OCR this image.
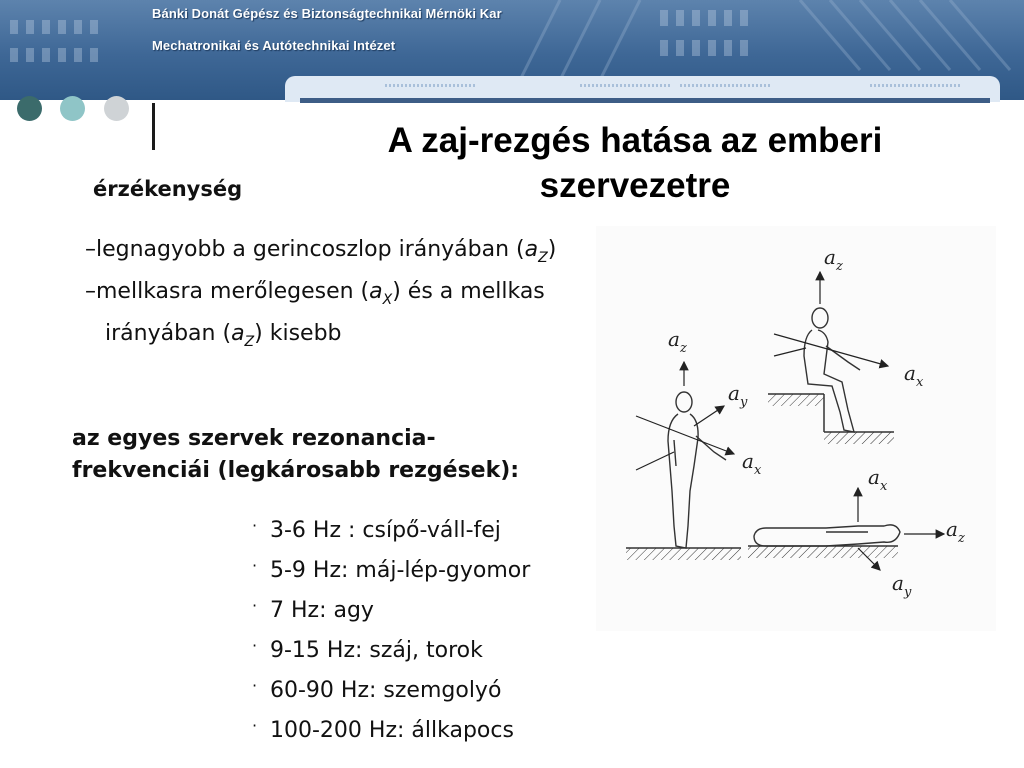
Bánki Donát Gépész és Biztonságtechnikai Mérnöki Kar
Mechatronikai és Autótechnikai Intézet
A zaj-rezgés hatása az emberi
szervezetre
érzékenység
–legnagyobb a gerincoszlop irányában $(a_Z)$
–mellkasra merőlegesen $(a_X)$ és a mellkas
irányában $(a_Z)$ kisebb
az egyes szervek rezonancia-
frekvenciái (legkárosabb rezgések):
· 3-6 Hz : csípő-váll-fej
· 5-9 Hz: máj-lép-gyomor
· 7 Hz: agy
· 9-15 Hz: száj, torok
· 60-90 Hz: szemgolyó
· 100-200 Hz: állkapocs
$a_z$
$a_y$
$a_x$
$a_z$
$a_x$
$a_x$
$a_z$
$a_y$
